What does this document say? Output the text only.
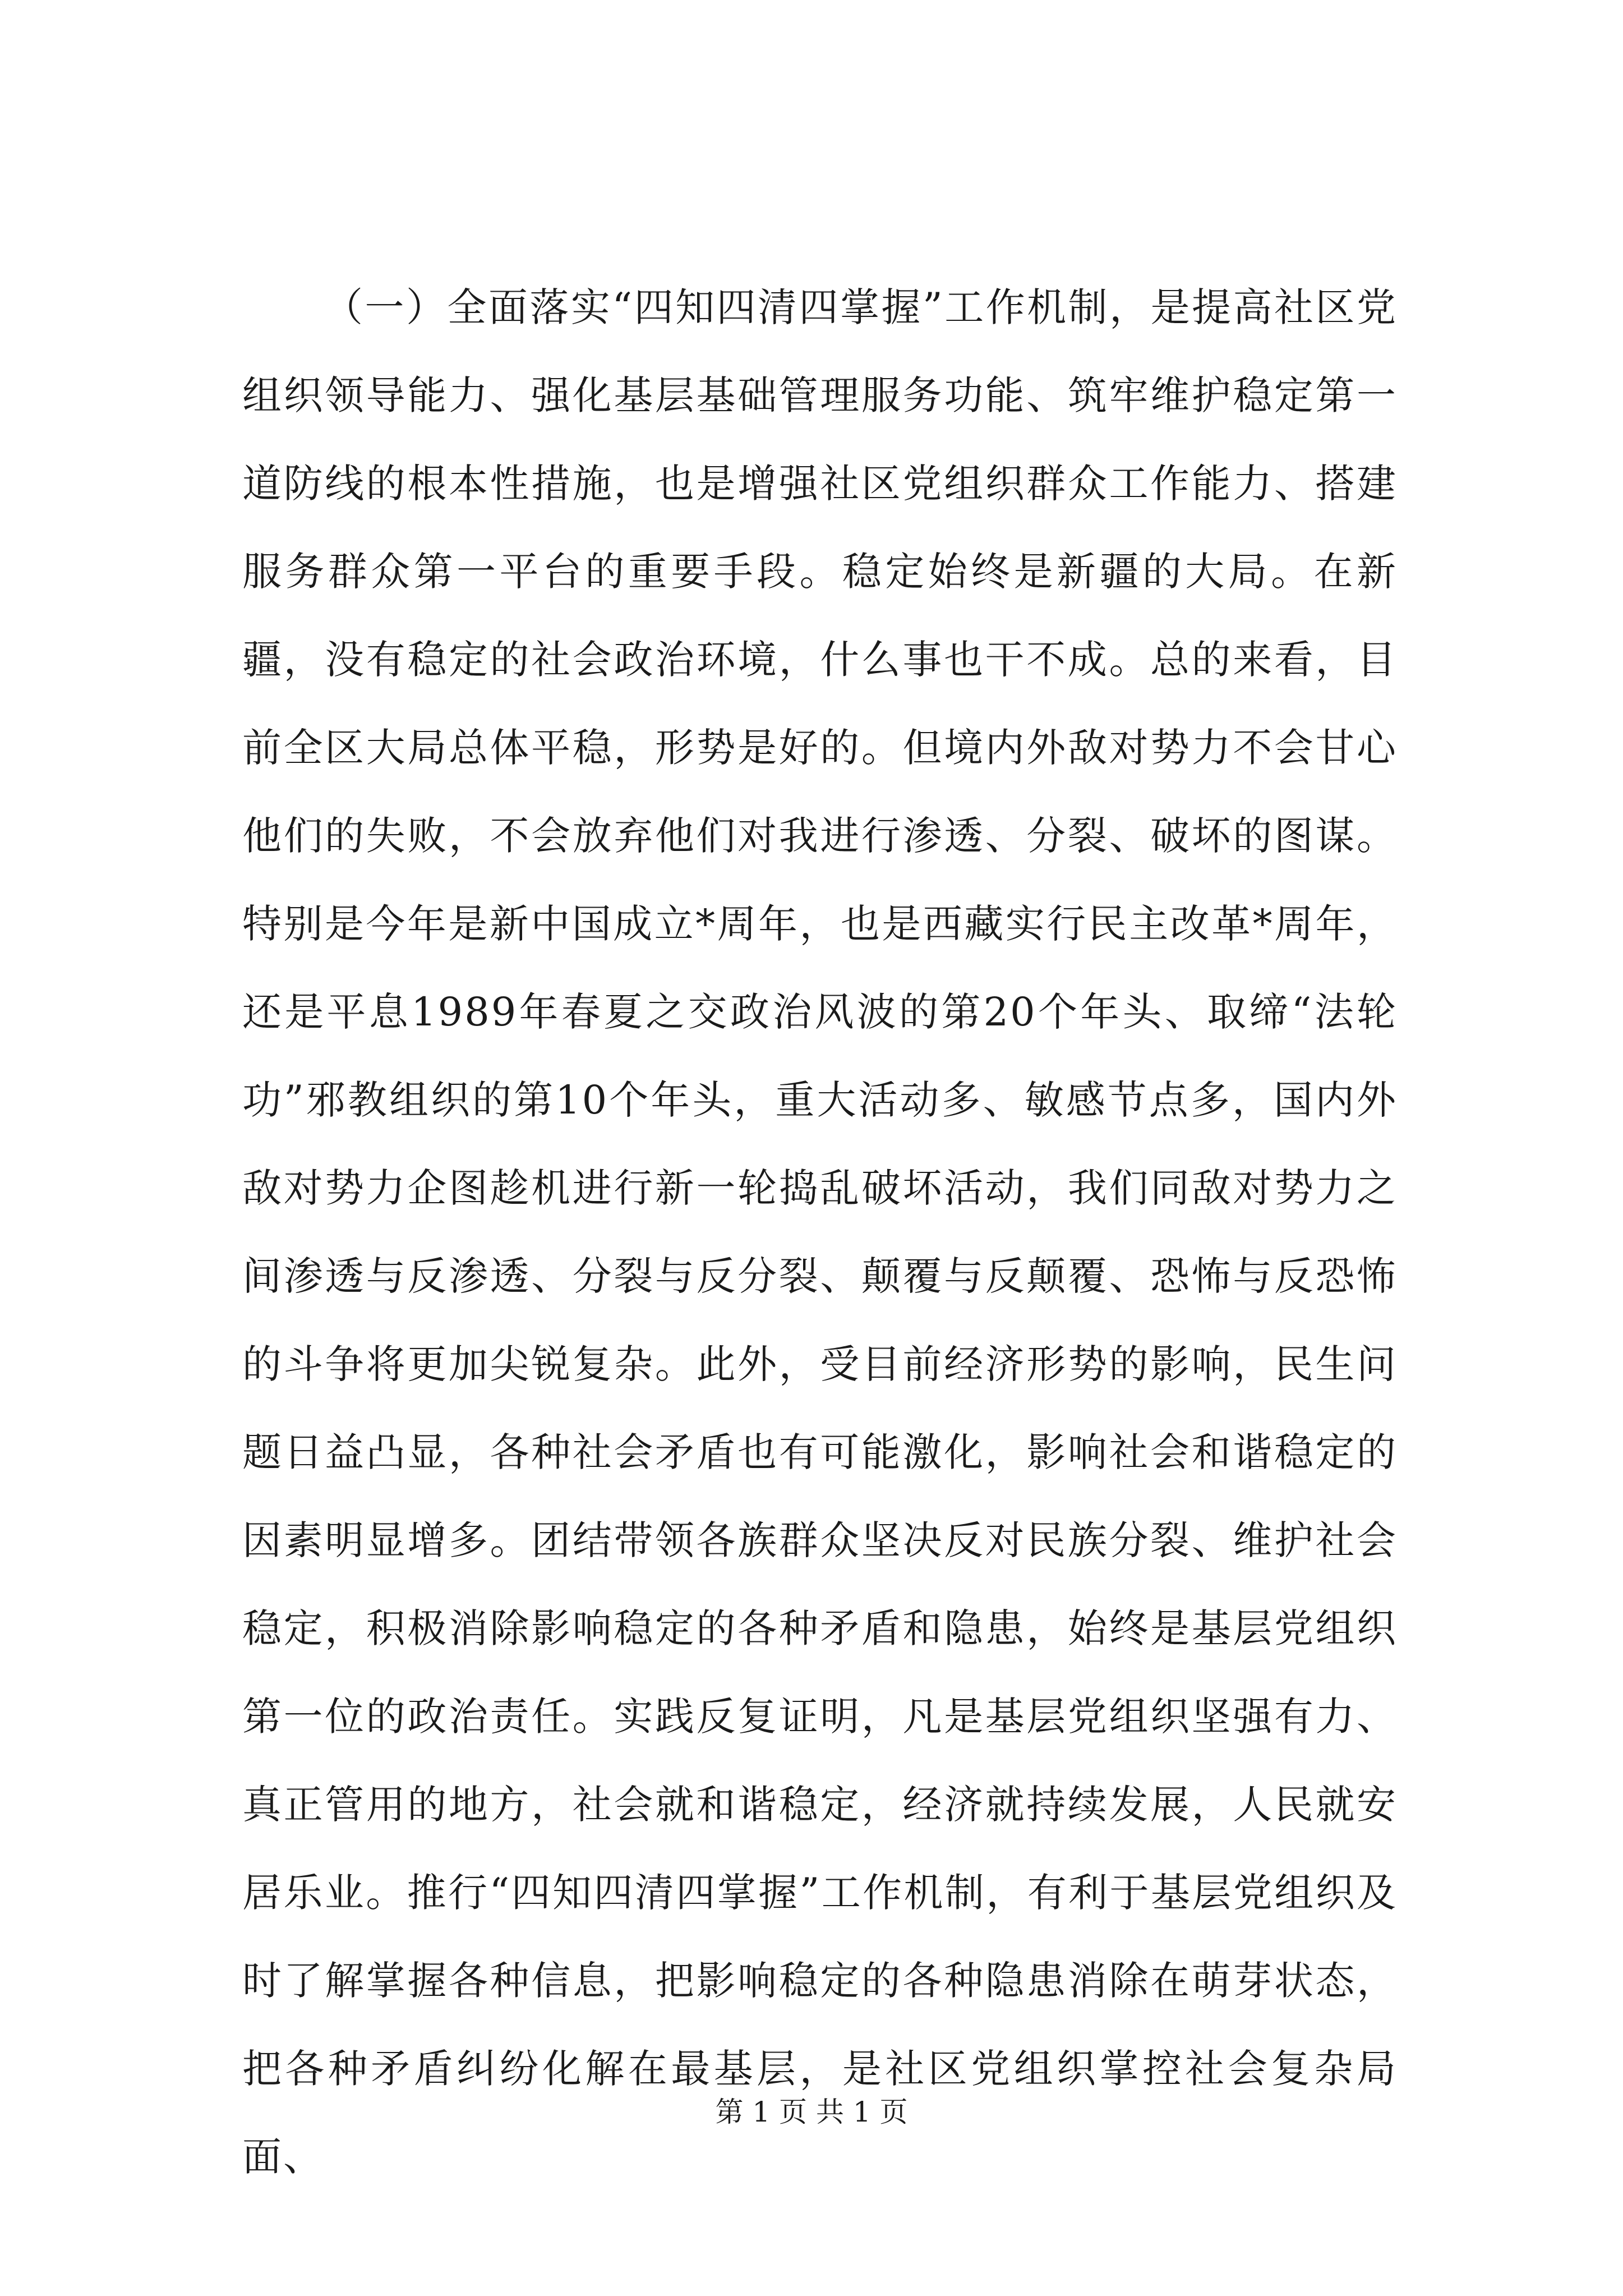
（一）全面落实“四知四清四掌握”工作机制，是提高社区党组织领导能力、强化基层基础管理服务功能、筑牢维护稳定第一道防线的根本性措施，也是增强社区党组织群众工作能力、搭建服务群众第一平台的重要手段。稳定始终是新疆的大局。在新疆，没有稳定的社会政治环境，什么事也干不成。总的来看，目前全区大局总体平稳，形势是好的。但境内外敌对势力不会甘心他们的失败，不会放弃他们对我进行渗透、分裂、破坏的图谋。特别是今年是新中国成立*周年，也是西藏实行民主改革*周年，还是平息1989年春夏之交政治风波的第20个年头、取缔“法轮功”邪教组织的第10个年头，重大活动多、敏感节点多，国内外敌对势力企图趁机进行新一轮捣乱破坏活动，我们同敌对势力之间渗透与反渗透、分裂与反分裂、颠覆与反颠覆、恐怖与反恐怖的斗争将更加尖锐复杂。此外，受目前经济形势的影响，民生问题日益凸显，各种社会矛盾也有可能激化，影响社会和谐稳定的因素明显增多。团结带领各族群众坚决反对民族分裂、维护社会稳定，积极消除影响稳定的各种矛盾和隐患，始终是基层党组织第一位的政治责任。实践反复证明，凡是基层党组织坚强有力、真正管用的地方，社会就和谐稳定，经济就持续发展，人民就安居乐业。推行“四知四清四掌握”工作机制，有利于基层党组织及时了解掌握各种信息，把影响稳定的各种隐患消除在萌芽状态，把各种矛盾纠纷化解在最基层，是社区党组织掌控社会复杂局面、

第 1 页 共 1 页
